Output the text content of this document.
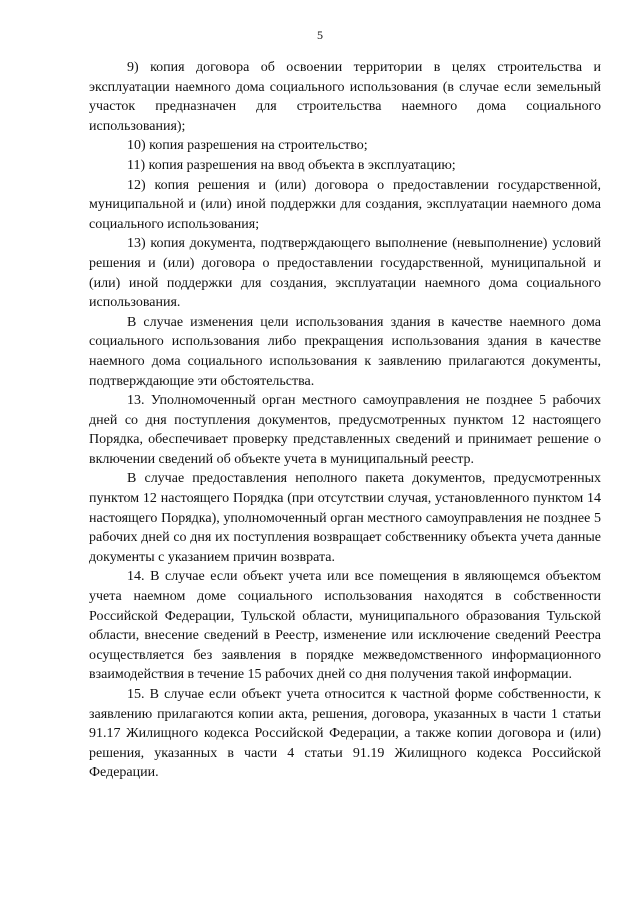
5

9) копия договора об освоении территории в целях строительства и эксплуатации наемного дома социального использования (в случае если земельный участок предназначен для строительства наемного дома социального использования);

10) копия разрешения на строительство;

11) копия разрешения на ввод объекта в эксплуатацию;

12) копия решения и (или) договора о предоставлении государственной, муниципальной и (или) иной поддержки для создания, эксплуатации наемного дома социального использования;

13) копия документа, подтверждающего выполнение (невыполнение) условий решения и (или) договора о предоставлении государственной, муниципальной и (или) иной поддержки для создания, эксплуатации наемного дома социального использования.

В случае изменения цели использования здания в качестве наемного дома социального использования либо прекращения использования здания в качестве наемного дома социального использования к заявлению прилагаются документы, подтверждающие эти обстоятельства.

13. Уполномоченный орган местного самоуправления не позднее 5 рабочих дней со дня поступления документов, предусмотренных пунктом 12 настоящего Порядка, обеспечивает проверку представленных сведений и принимает решение о включении сведений об объекте учета в муниципальный реестр.

В случае предоставления неполного пакета документов, предусмотренных пунктом 12 настоящего Порядка (при отсутствии случая, установленного пунктом 14 настоящего Порядка), уполномоченный орган местного самоуправления не позднее 5 рабочих дней со дня их поступления возвращает собственнику объекта учета данные документы с указанием причин возврата.

14. В случае если объект учета или все помещения в являющемся объектом учета наемном доме социального использования находятся в собственности Российской Федерации, Тульской области, муниципального образования Тульской области, внесение сведений в Реестр, изменение или исключение сведений Реестра осуществляется без заявления в порядке межведомственного информационного взаимодействия в течение 15 рабочих дней со дня получения такой информации.

15. В случае если объект учета относится к частной форме собственности, к заявлению прилагаются копии акта, решения, договора, указанных в части 1 статьи 91.17 Жилищного кодекса Российской Федерации, а также копии договора и (или) решения, указанных в части 4 статьи 91.19 Жилищного кодекса Российской Федерации.
